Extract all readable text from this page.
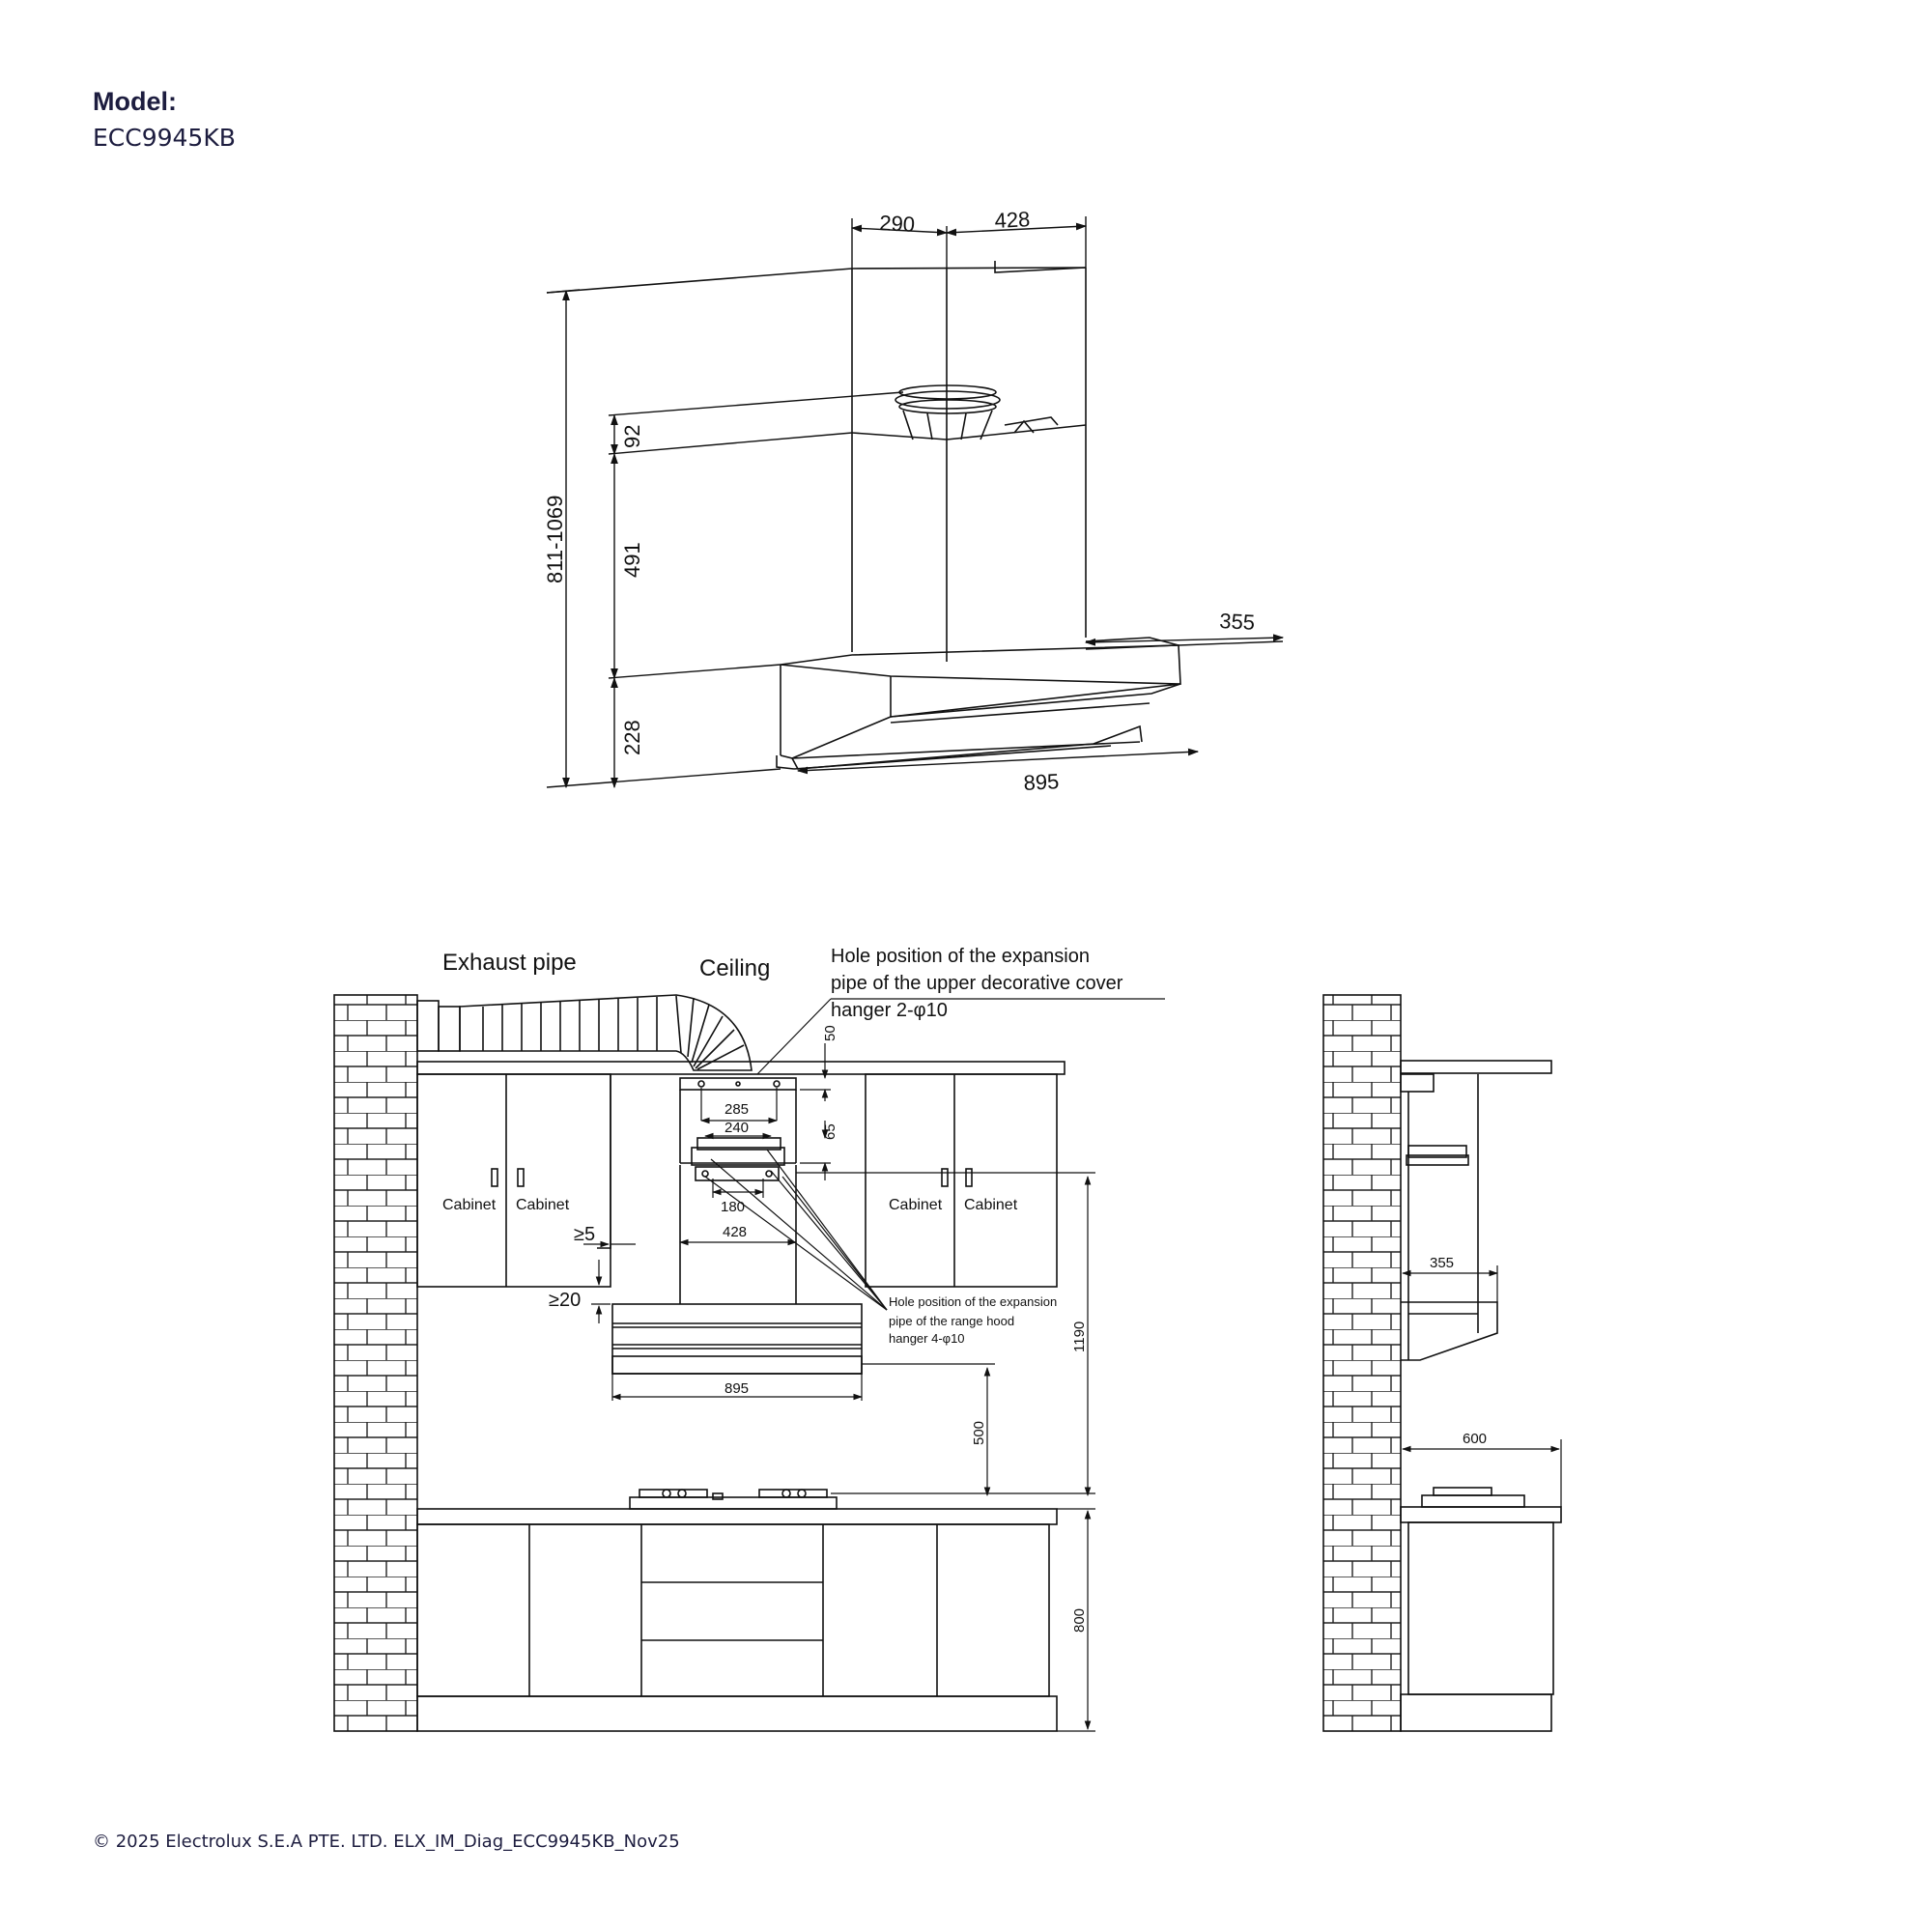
Model:
ECC9945KB
290	428
811-1069
92
491
228
355
895
Exhaust pipe	Ceiling	Hole position of the expansion
pipe of the upper decorative cover
hanger 2-φ10
Hole position of the expansion
pipe of the range hood
hanger 4-φ10
Cabinet Cabinet	Cabinet Cabinet
50
285
240	65
180
428
≥5
≥20
895
500
1190
800
355
600
© 2025 Electrolux S.E.A PTE. LTD. ELX_IM_Diag_ECC9945KB_Nov25
